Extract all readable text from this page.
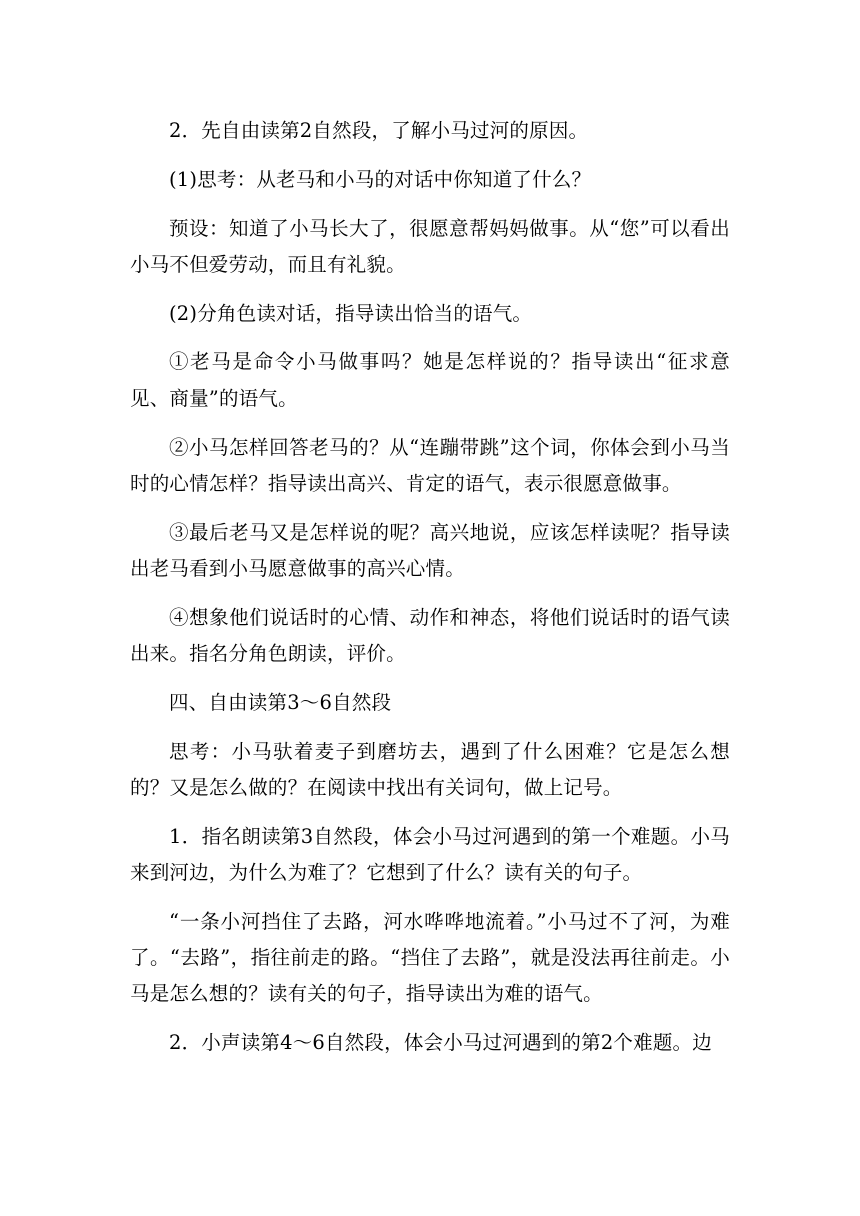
2．先自由读第2自然段，了解小马过河的原因。

(1)思考：从老马和小马的对话中你知道了什么？

预设：知道了小马长大了，很愿意帮妈妈做事。从“您”可以看出小马不但爱劳动，而且有礼貌。

(2)分角色读对话，指导读出恰当的语气。

①老马是命令小马做事吗？她是怎样说的？指导读出“征求意见、商量”的语气。

②小马怎样回答老马的？从“连蹦带跳”这个词，你体会到小马当时的心情怎样？指导读出高兴、肯定的语气，表示很愿意做事。

③最后老马又是怎样说的呢？高兴地说，应该怎样读呢？指导读出老马看到小马愿意做事的高兴心情。

④想象他们说话时的心情、动作和神态，将他们说话时的语气读出来。指名分角色朗读，评价。

四、自由读第3～6自然段

思考：小马驮着麦子到磨坊去，遇到了什么困难？它是怎么想的？又是怎么做的？在阅读中找出有关词句，做上记号。

1．指名朗读第3自然段，体会小马过河遇到的第一个难题。小马来到河边，为什么为难了？它想到了什么？读有关的句子。

“一条小河挡住了去路，河水哗哗地流着。”小马过不了河，为难了。“去路”，指往前走的路。“挡住了去路”，就是没法再往前走。小马是怎么想的？读有关的句子，指导读出为难的语气。

2．小声读第4～6自然段，体会小马过河遇到的第2个难题。边
